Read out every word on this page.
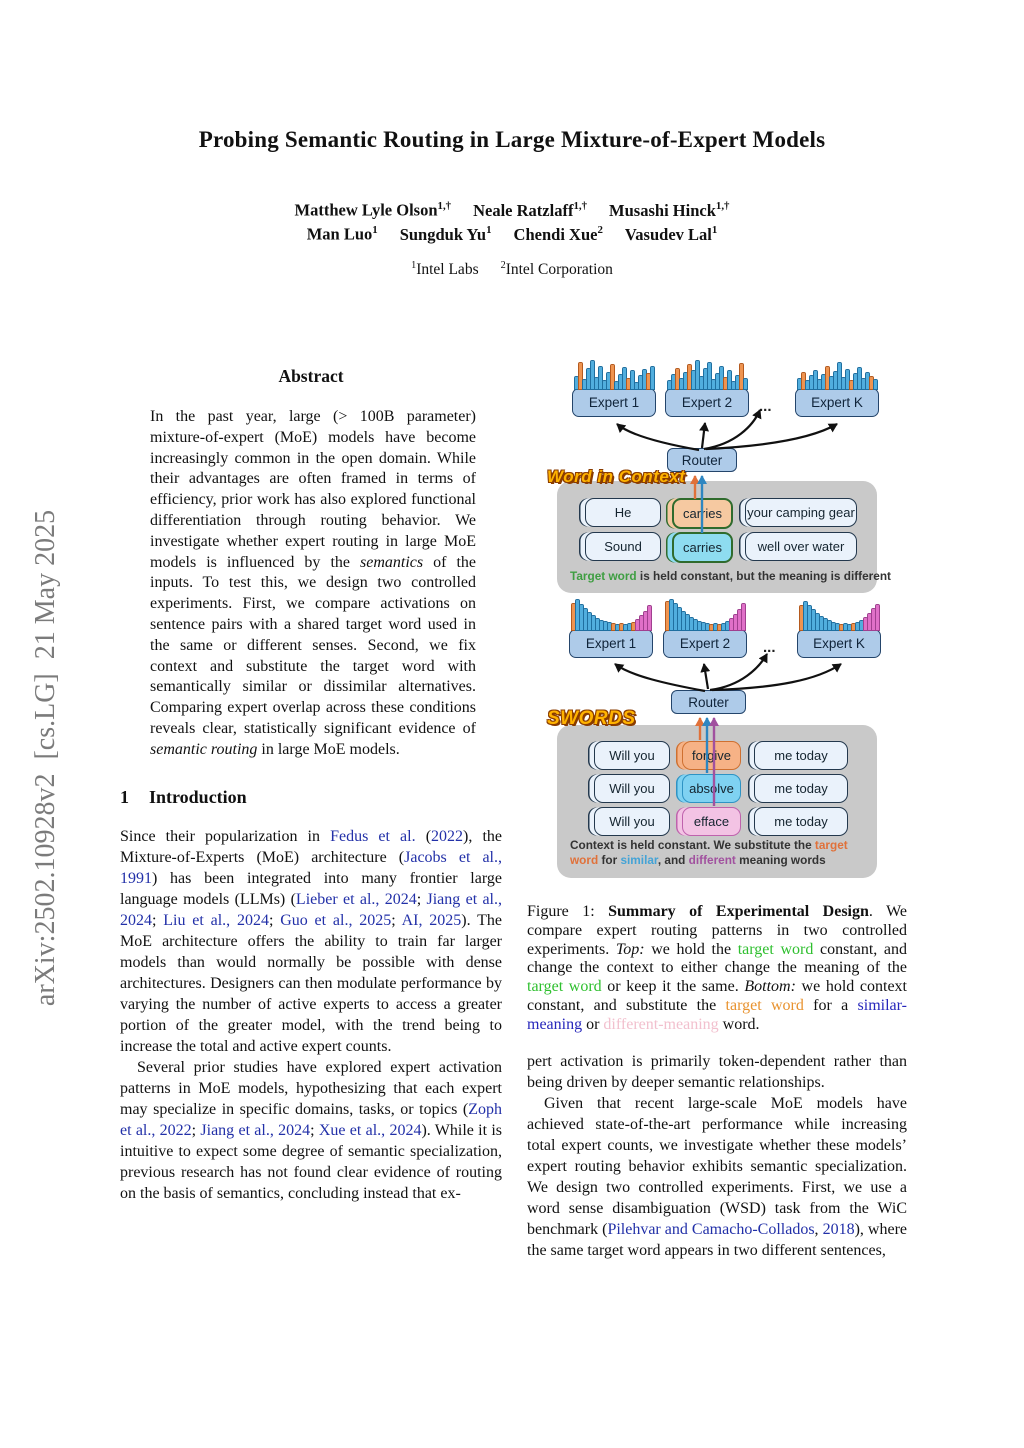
arXiv:2502.10928v2  [cs.LG]  21 May 2025
Probing Semantic Routing in Large Mixture-of-Expert Models
Matthew Lyle Olson$^{1,\dagger}$ Neale Ratzlaff$^{1,\dagger}$ Musashi Hinck$^{1,\dagger}$
Man Luo$^1$ Sungduk Yu$^1$ Chendi Xue$^2$ Vasudev Lal$^1$
$^1$Intel Labs $^2$Intel Corporation
Abstract

In the past year, large (> 100B parameter) mixture-of-expert (MoE) models have become increasingly common in the open domain. While their advantages are often framed in terms of efficiency, prior work has also explored functional differentiation through routing behavior. We investigate whether expert routing in large MoE models is influenced by the semantics of the inputs. To test this, we design two controlled experiments. First, we compare activations on sentence pairs with a shared target word used in the same or different senses. Second, we fix context and substitute the target word with semantically similar or dissimilar alternatives. Comparing expert overlap across these conditions reveals clear, statistically significant evidence of semantic routing in large MoE models.

1 Introduction

Since their popularization in Fedus et al. (2022), the Mixture-of-Experts (MoE) architecture (Jacobs et al., 1991) has been integrated into many frontier large language models (LLMs) (Lieber et al., 2024; Jiang et al., 2024; Liu et al., 2024; Guo et al., 2025; AI, 2025). The MoE architecture offers the ability to train far larger models than would normally be possible with dense architectures. Designers can then modulate performance by varying the number of active experts to access a greater portion of the greater model, with the trend being to increase the total and active expert counts.

Several prior studies have explored expert activation patterns in MoE models, hypothesizing that each expert may specialize in specific domains, tasks, or topics (Zoph et al., 2022; Jiang et al., 2024; Xue et al., 2024). While it is intuitive to expect some degree of semantic specialization, previous research has not found clear evidence of routing on the basis of semantics, concluding instead that ex-

Expert 1	Expert 2	...	Expert K
Router
Word in Context
He	carries	your camping gear
Sound	carries	well over water
Target word is held constant, but the meaning is different
Expert 1	Expert 2	...	Expert K
Router
SWORDS
Will you	forgive	me today
Will you	absolve	me today
Will you	efface	me today
Context is held constant. We substitute the target word for similar, and different meaning words

Figure 1: Summary of Experimental Design. We compare expert routing patterns in two controlled experiments. Top: we hold the target word constant, and change the context to either change the meaning of the target word or keep it the same. Bottom: we hold context constant, and substitute the target word for a similar-meaning or different-meaning word.

pert activation is primarily token-dependent rather than being driven by deeper semantic relationships.

Given that recent large-scale MoE models have achieved state-of-the-art performance while increasing total expert counts, we investigate whether these models’ expert routing behavior exhibits semantic specialization. We design two controlled experiments. First, we use a word sense disambiguation (WSD) task from the WiC benchmark (Pilehvar and Camacho-Collados, 2018), where the same target word appears in two different sentences,
